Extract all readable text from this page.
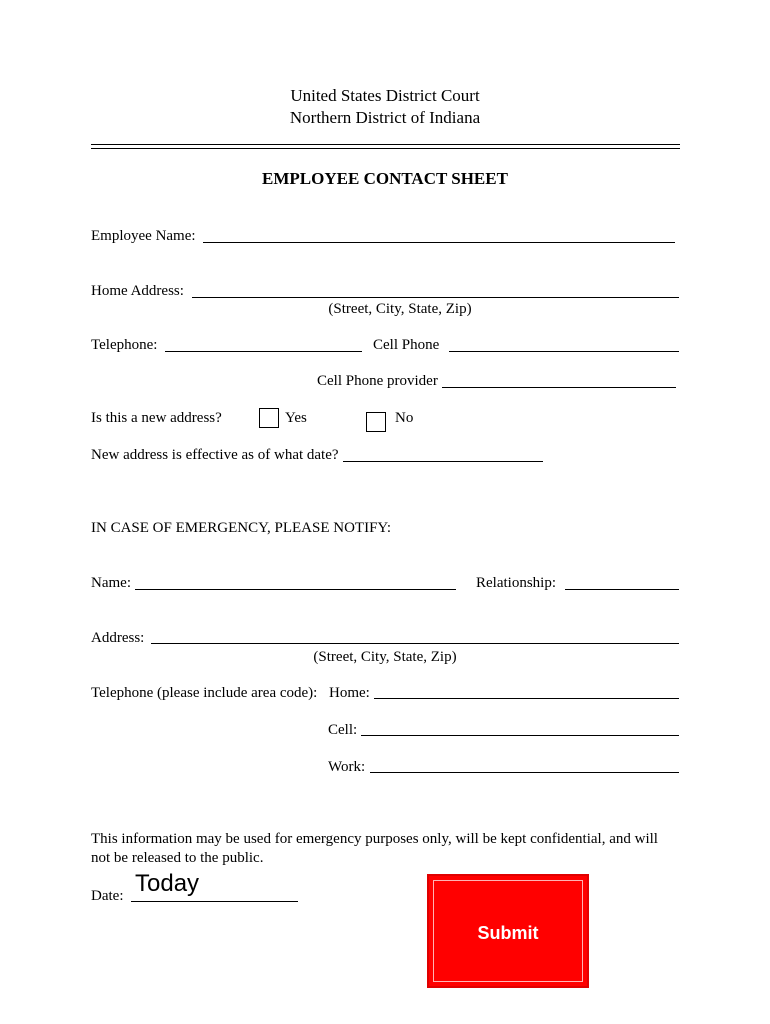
United States District Court
Northern District of Indiana
EMPLOYEE CONTACT SHEET
Employee Name:
Home Address:
(Street, City, State, Zip)
Telephone:	Cell Phone
Cell Phone provider
Is this a new address?	Yes	No
New address is effective as of what date?
IN CASE OF EMERGENCY, PLEASE NOTIFY:
Name:	Relationship:
Address:
(Street, City, State, Zip)
Telephone (please include area code): Home:
Cell:
Work:
This information may be used for emergency purposes only, will be kept confidential, and will
not be released to the public.
Date: Today
Submit
